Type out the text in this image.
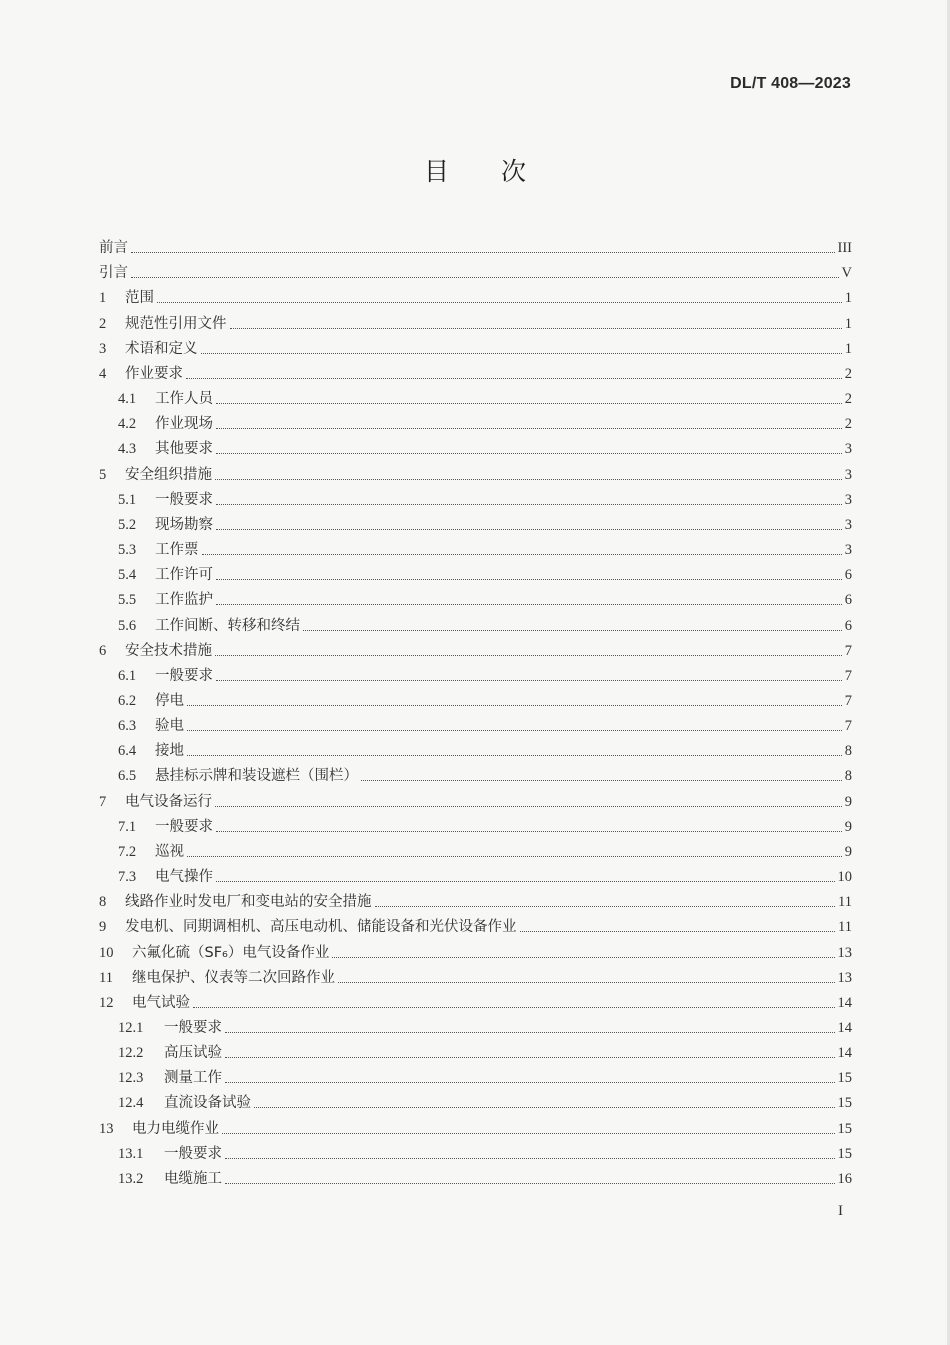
DL/T 408—2023
目 次
前言	III
引言	V
1	范围	1
2	规范性引用文件	1
3	术语和定义	1
4	作业要求	2
4.1	工作人员	2
4.2	作业现场	2
4.3	其他要求	3
5	安全组织措施	3
5.1	一般要求	3
5.2	现场勘察	3
5.3	工作票	3
5.4	工作许可	6
5.5	工作监护	6
5.6	工作间断、转移和终结	6
6	安全技术措施	7
6.1	一般要求	7
6.2	停电	7
6.3	验电	7
6.4	接地	8
6.5	悬挂标示牌和装设遮栏（围栏）	8
7	电气设备运行	9
7.1	一般要求	9
7.2	巡视	9
7.3	电气操作	10
8	线路作业时发电厂和变电站的安全措施	11
9	发电机、同期调相机、高压电动机、储能设备和光伏设备作业	11
10	六氟化硫（SF₆）电气设备作业	13
11	继电保护、仪表等二次回路作业	13
12	电气试验	14
12.1	一般要求	14
12.2	高压试验	14
12.3	测量工作	15
12.4	直流设备试验	15
13	电力电缆作业	15
13.1	一般要求	15
13.2	电缆施工	16
I
